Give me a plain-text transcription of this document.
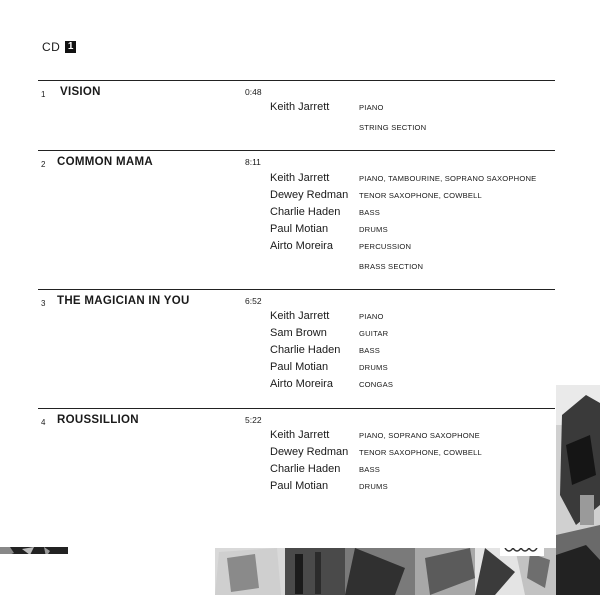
CD 1
1 VISION	0:48
Keith Jarrett	PIANO
STRING SECTION
2 COMMON MAMA	8:11
Keith Jarrett	PIANO, TAMBOURINE, SOPRANO SAXOPHONE
Dewey Redman TENOR SAXOPHONE, COWBELL
Charlie Haden BASS
Paul Motian	DRUMS
Airto Moreira	PERCUSSION
BRASS SECTION
3 THE MAGICIAN IN YOU	6:52
Keith Jarrett	PIANO
Sam Brown	GUITAR
Charlie Haden BASS
Paul Motian	DRUMS
Airto Moreira	CONGAS
4 ROUSSILLION	5:22
Keith Jarrett	PIANO, SOPRANO SAXOPHONE
Dewey Redman TENOR SAXOPHONE, COWBELL
Charlie Haden BASS
Paul Motian	DRUMS
